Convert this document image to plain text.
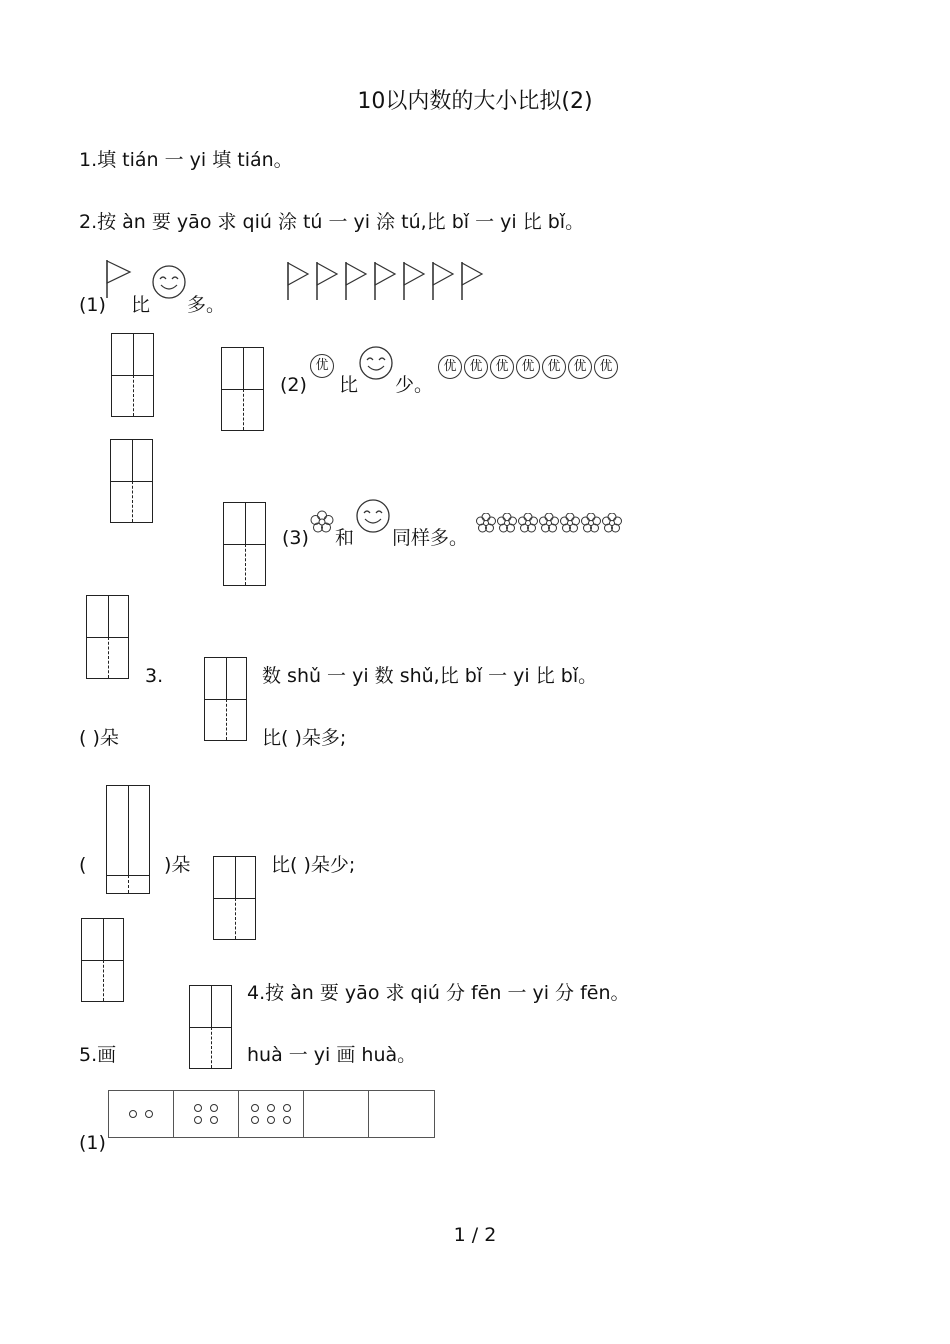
10以内数的大小比拟(2)
1.填 tián 一 yi 填 tián。
2.按 àn 要 yāo 求 qiú 涂 tú 一 yi 涂 tú,比 bǐ 一 yi 比 bǐ。
(1) 比 多。
(2)
优
比 少。
优 优 优 优 优 优 优
(3) 和 同样多。
3.	数 shǔ 一 yi 数 shǔ,比 bǐ 一 yi 比 bǐ。
( )朵	比( )朵多;
(	)朵	比( )朵少;
4.按 àn 要 yāo 求 qiú 分 fēn 一 yi 分 fēn。
5.画	huà 一 yi 画 huà。
(1)
1 / 2
